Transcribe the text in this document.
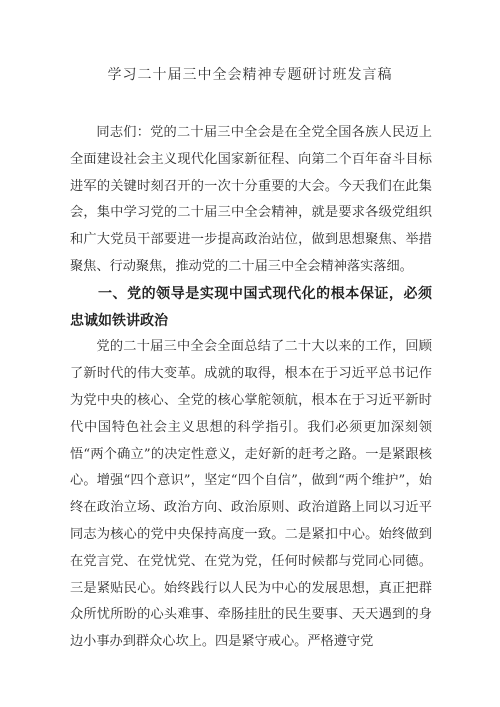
学习二十届三中全会精神专题研讨班发言稿

同志们：党的二十届三中全会是在全党全国各族人民迈上全面建设社会主义现代化国家新征程、向第二个百年奋斗目标进军的关键时刻召开的一次十分重要的大会。今天我们在此集会，集中学习党的二十届三中全会精神，就是要求各级党组织和广大党员干部要进一步提高政治站位，做到思想聚焦、举措聚焦、行动聚焦，推动党的二十届三中全会精神落实落细。

一、党的领导是实现中国式现代化的根本保证，必须忠诚如铁讲政治

党的二十届三中全会全面总结了二十大以来的工作，回顾了新时代的伟大变革。成就的取得，根本在于习近平总书记作为党中央的核心、全党的核心掌舵领航，根本在于习近平新时代中国特色社会主义思想的科学指引。我们必须更加深刻领悟“两个确立”的决定性意义，走好新的赶考之路。一是紧跟核心。增强“四个意识”，坚定“四个自信”，做到“两个维护”，始终在政治立场、政治方向、政治原则、政治道路上同以习近平同志为核心的党中央保持高度一致。二是紧扣中心。始终做到在党言党、在党忧党、在党为党，任何时候都与党同心同德。三是紧贴民心。始终践行以人民为中心的发展思想，真正把群众所忧所盼的心头难事、牵肠挂肚的民生要事、天天遇到的身边小事办到群众心坎上。四是紧守戒心。严格遵守党
